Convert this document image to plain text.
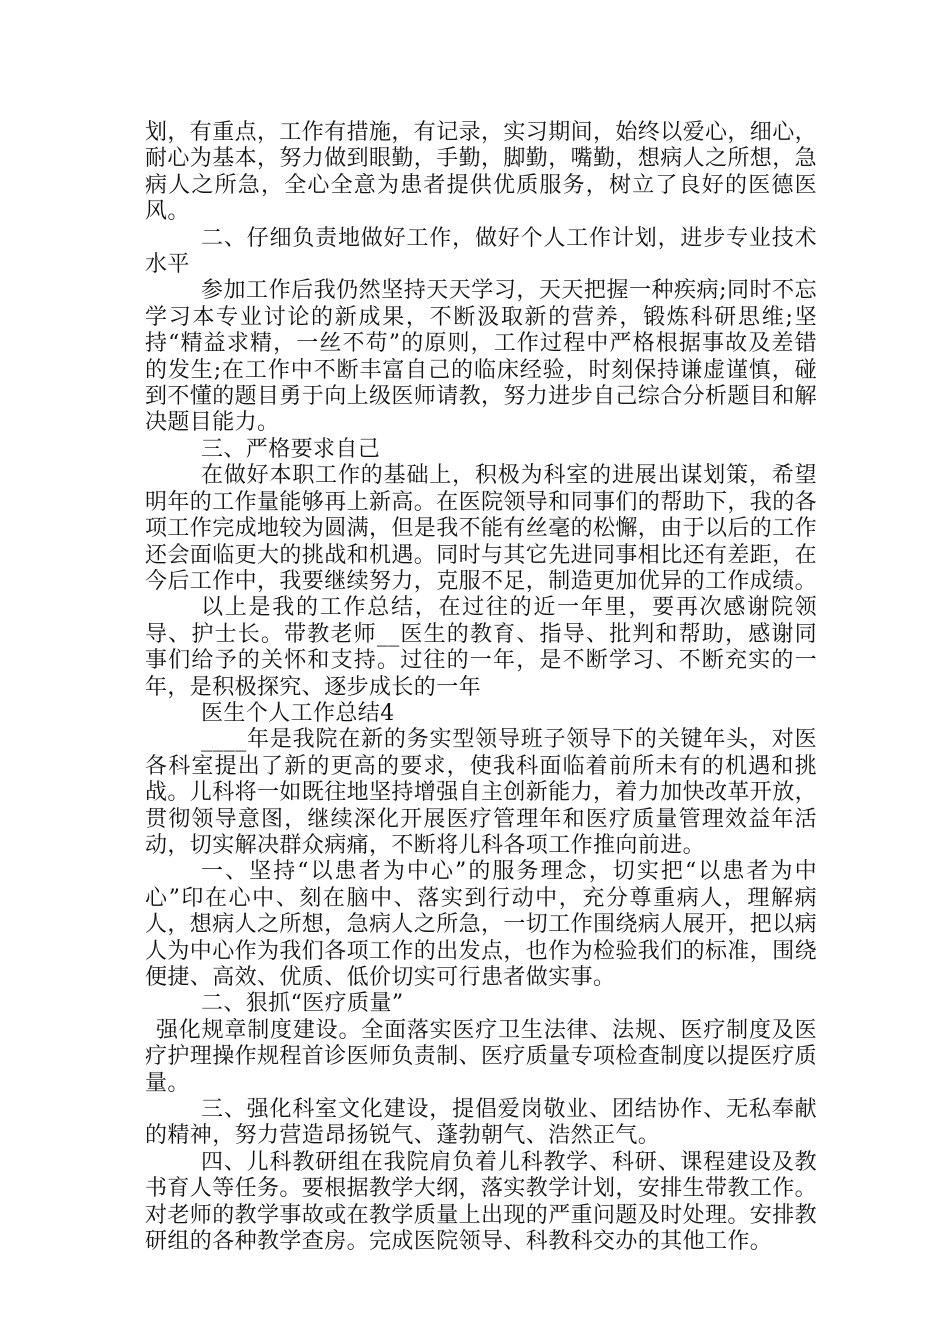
划，有重点，工作有措施，有记录，实习期间，始终以爱心，细心，耐心为基本，努力做到眼勤，手勤，脚勤，嘴勤，想病人之所想，急病人之所急，全心全意为患者提供优质服务，树立了良好的医德医风。

二、仔细负责地做好工作，做好个人工作计划，进步专业技术水平

参加工作后我仍然坚持天天学习，天天把握一种疾病;同时不忘学习本专业讨论的新成果，不断汲取新的营养，锻炼科研思维;坚持“精益求精，一丝不苟”的原则，工作过程中严格根据事故及差错的发生;在工作中不断丰富自己的临床经验，时刻保持谦虚谨慎，碰到不懂的题目勇于向上级医师请教，努力进步自己综合分析题目和解决题目能力。

三、严格要求自己

在做好本职工作的基础上，积极为科室的进展出谋划策，希望明年的工作量能够再上新高。在医院领导和同事们的帮助下，我的各项工作完成地较为圆满，但是我不能有丝毫的松懈，由于以后的工作还会面临更大的挑战和机遇。同时与其它先进同事相比还有差距，在今后工作中，我要继续努力，克服不足，制造更加优异的工作成绩。

以上是我的工作总结，在过往的近一年里，要再次感谢院领导、护士长。带教老师__医生的教育、指导、批判和帮助，感谢同事们给予的关怀和支持。过往的一年，是不断学习、不断充实的一年，是积极探究、逐步成长的一年

医生个人工作总结4

____年是我院在新的务实型领导班子领导下的关键年头，对医各科室提出了新的更高的要求，使我科面临着前所未有的机遇和挑战。儿科将一如既往地坚持增强自主创新能力，着力加快改革开放，贯彻领导意图，继续深化开展医疗管理年和医疗质量管理效益年活动，切实解决群众病痛，不断将儿科各项工作推向前进。

一、坚持“以患者为中心”的服务理念，切实把“以患者为中心”印在心中、刻在脑中、落实到行动中，充分尊重病人，理解病人，想病人之所想，急病人之所急，一切工作围绕病人展开，把以病人为中心作为我们各项工作的出发点，也作为检验我们的标准，围绕便捷、高效、优质、低价切实可行患者做实事。

二、狠抓“医疗质量”

强化规章制度建设。全面落实医疗卫生法律、法规、医疗制度及医疗护理操作规程首诊医师负责制、医疗质量专项检查制度以提医疗质量。

三、强化科室文化建设，提倡爱岗敬业、团结协作、无私奉献的精神，努力营造昂扬锐气、蓬勃朝气、浩然正气。

四、儿科教研组在我院肩负着儿科教学、科研、课程建设及教书育人等任务。要根据教学大纲，落实教学计划，安排生带教工作。对老师的教学事故或在教学质量上出现的严重问题及时处理。安排教研组的各种教学查房。完成医院领导、科教科交办的其他工作。
